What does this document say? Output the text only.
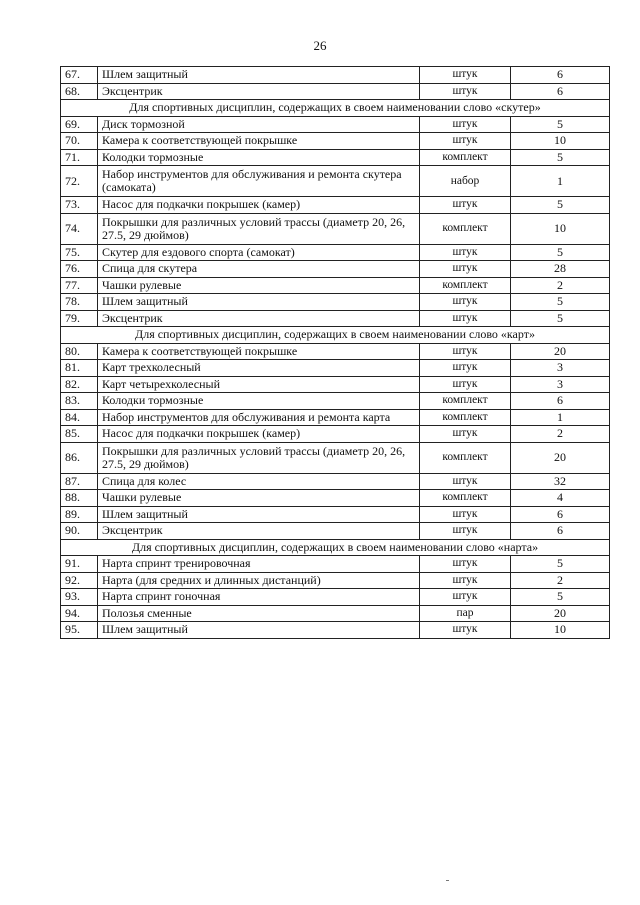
26
67.	Шлем защитный	штук	6
68.	Эксцентрик	штук	6
Для спортивных дисциплин, содержащих в своем наименовании слово «скутер»			
69.	Диск тормозной	штук	5
70.	Камера к соответствующей покрышке	штук	10
71.	Колодки тормозные	комплект	5
72.	Набор инструментов для обслуживания и ремонта скутера (самоката)	набор	1
73.	Насос для подкачки покрышек (камер)	штук	5
74.	Покрышки для различных условий трассы (диаметр 20, 26, 27.5, 29 дюймов)	комплект	10
75.	Скутер для ездового спорта (самокат)	штук	5
76.	Спица для скутера	штук	28
77.	Чашки рулевые	комплект	2
78.	Шлем защитный	штук	5
79.	Эксцентрик	штук	5
Для спортивных дисциплин, содержащих в своем наименовании слово «карт»			
80.	Камера к соответствующей покрышке	штук	20
81.	Карт трехколесный	штук	3
82.	Карт четырехколесный	штук	3
83.	Колодки тормозные	комплект	6
84.	Набор инструментов для обслуживания и ремонта карта	комплект	1
85.	Насос для подкачки покрышек (камер)	штук	2
86.	Покрышки для различных условий трассы (диаметр 20, 26, 27.5, 29 дюймов)	комплект	20
87.	Спица для колес	штук	32
88.	Чашки рулевые	комплект	4
89.	Шлем защитный	штук	6
90.	Эксцентрик	штук	6
Для спортивных дисциплин, содержащих в своем наименовании слово «нарта»			
91.	Нарта спринт тренировочная	штук	5
92.	Нарта (для средних и длинных дистанций)	штук	2
93.	Нарта спринт гоночная	штук	5
94.	Полозья сменные	пар	20
95.	Шлем защитный	штук	10
